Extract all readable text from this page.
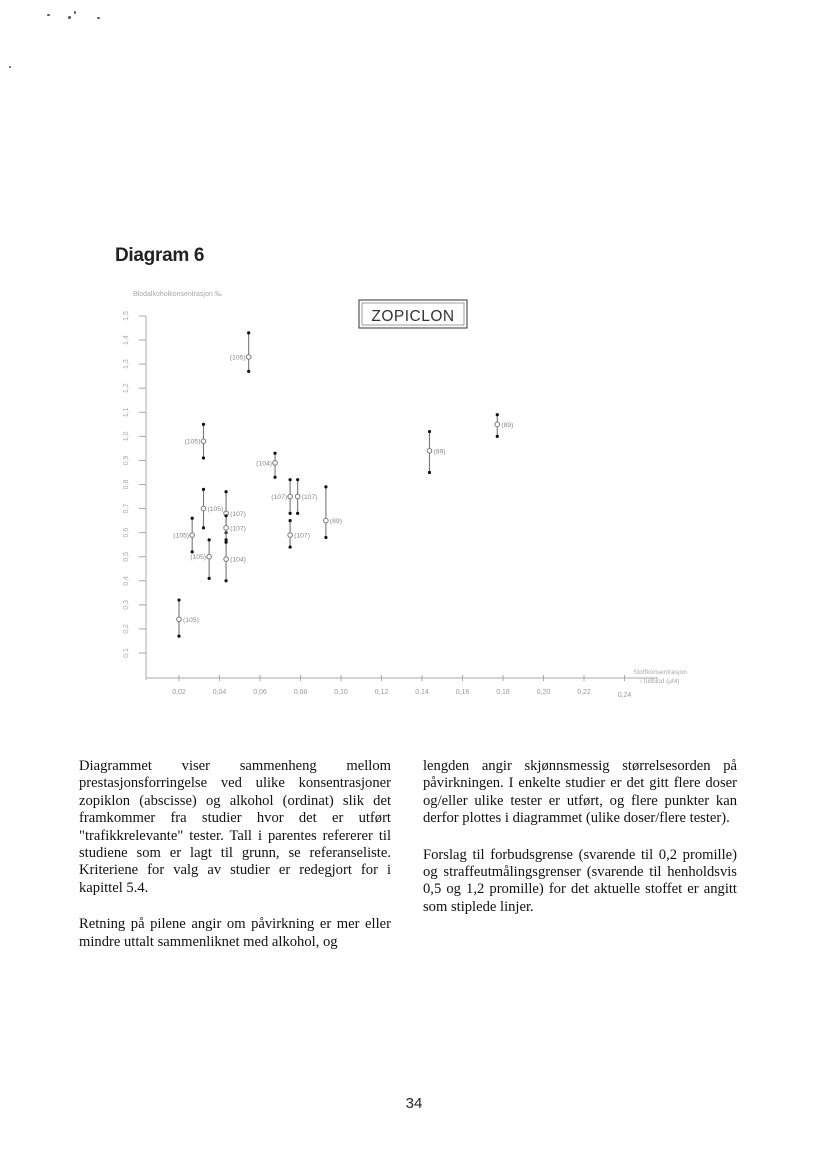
Diagram 6
Blodalkoholkonsentrasjon ‰
ZOPICLON
0,1
0,2
0,3
0,4
0,5
0,6
0,7
0,8
0,9
1,0
1,1
1,2
1,3
1,4
1,5
0,02	0,04	0,06	0,08	0,10	0,12	0,14	0,16	0,18	0,20	0,22	0,24
Stoffkonsentrasjon
i fullblod (µM)
(105)
(105)
(105)
(105)
(105)
(107)
(107)
(104)
(105)
(104)
(107) (107)
(107)
(89)
(89)
(89)

Diagrammet viser sammenheng mellom prestasjonsforringelse ved ulike konsentrasjoner zopiklon (abscisse) og alkohol (ordinat) slik det framkommer fra studier hvor det er utført "trafikkrelevante" tester. Tall i parentes refererer til studiene som er lagt til grunn, se referanseliste. Kriteriene for valg av studier er redegjort for i kapittel 5.4.

Retning på pilene angir om påvirkning er mer eller mindre uttalt sammenliknet med alkohol, og

lengden angir skjønnsmessig størrelsesorden på påvirkningen. I enkelte studier er det gitt flere doser og/eller ulike tester er utført, og flere punkter kan derfor plottes i diagrammet (ulike doser/flere tester).

Forslag til forbudsgrense (svarende til 0,2 promille) og straffeutmålingsgrenser (svarende til henholdsvis 0,5 og 1,2 promille) for det aktuelle stoffet er angitt som stiplede linjer.

34
